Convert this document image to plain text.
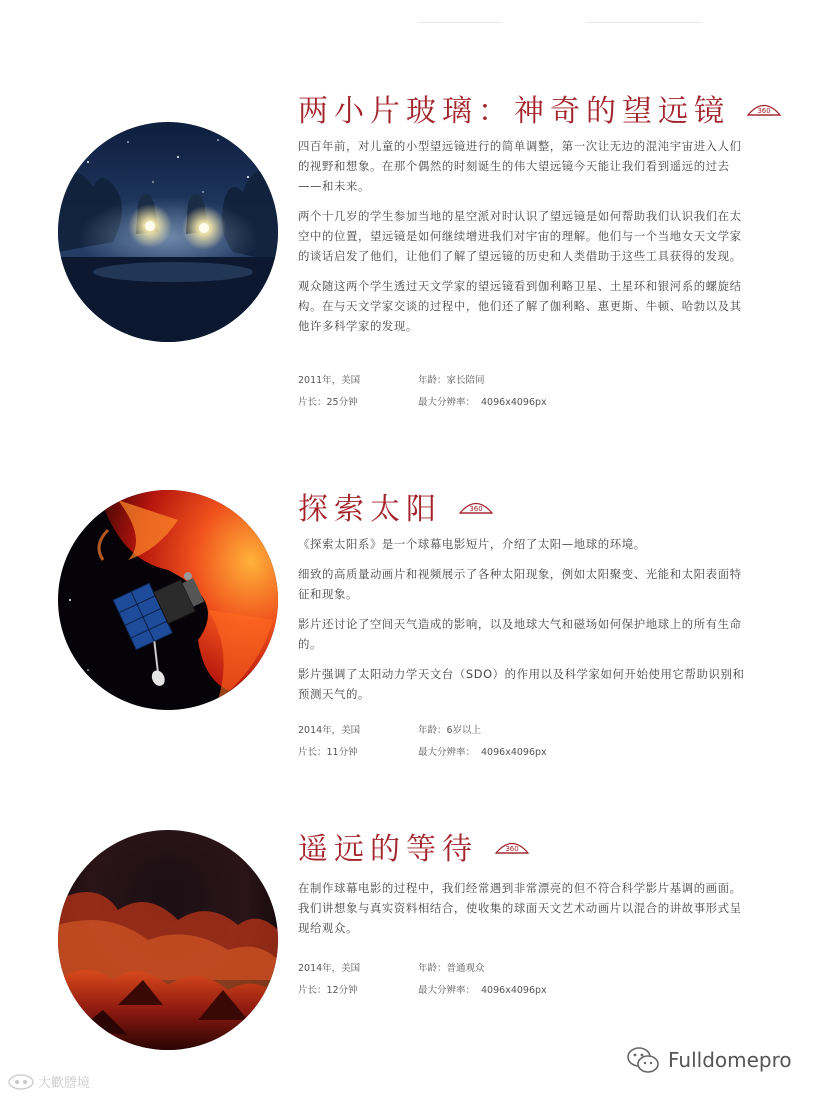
两小片玻璃：神奇的望远镜	360

四百年前，对儿童的小型望远镜进行的简单调整，第一次让无边的混沌宇宙进入人们的视野和想象。在那个偶然的时刻诞生的伟大望远镜今天能让我们看到遥远的过去——和未来。

两个十几岁的学生参加当地的星空派对时认识了望远镜是如何帮助我们认识我们在太空中的位置，望远镜是如何继续增进我们对宇宙的理解。他们与一个当地女天文学家的谈话启发了他们，让他们了解了望远镜的历史和人类借助于这些工具获得的发现。

观众随这两个学生透过天文学家的望远镜看到伽利略卫星、土星环和银河系的螺旋结构。在与天文学家交谈的过程中，他们还了解了伽利略、惠更斯、牛顿、哈勃以及其他许多科学家的发现。

2011年，美国	年龄：家长陪同
片长：25分钟	最大分辨率： 4096x4096px
探索太阳	360

《探索太阳系》是一个球幕电影短片，介绍了太阳—地球的环境。

细致的高质量动画片和视频展示了各种太阳现象，例如太阳聚变、光能和太阳表面特征和现象。

影片还讨论了空间天气造成的影响，以及地球大气和磁场如何保护地球上的所有生命的。

影片强调了太阳动力学天文台（SDO）的作用以及科学家如何开始使用它帮助识别和预测天气的。

2014年，美国	年龄：6岁以上
片长：11分钟	最大分辨率： 4096x4096px
遥远的等待	360

在制作球幕电影的过程中，我们经常遇到非常漂亮的但不符合科学影片基调的画面。我们讲想象与真实资料相结合，使收集的球面天文艺术动画片以混合的讲故事形式呈现给观众。

2014年，美国	年龄：普通观众
片长：12分钟	最大分辨率： 4096x4096px
大歡謄境
Fulldomepro
